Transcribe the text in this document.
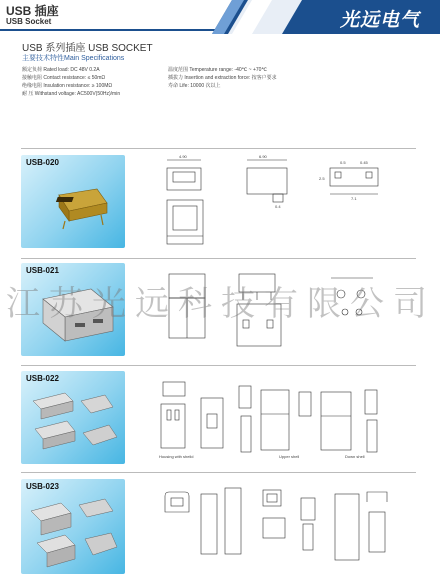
USB 插座
USB Socket	光远电气
USB 系列插座 USB SOCKET
主要技术特性Main Specifications
额定负荷 Rated load: DC 48V 0.2A
接触电阻 Contact resistance: ≤ 50mΩ
绝缘电阻 Insulation resistance: ≥ 100MΩ
耐 压 Withstand voltage: AC500V(50Hz)/min
温度范围 Temperature range: -40℃ ~ +70℃
插拔力 Insertion and extraction force: 按客户要求
寿命 Life: 10000 次以上
USB-020
4.90	6.90
0.5	0.45
2.5
7.1
0.4
USB-021
USB-022
Housing with sheild	Upper shell	Down shell
USB-023
江苏光远科技有限公司
